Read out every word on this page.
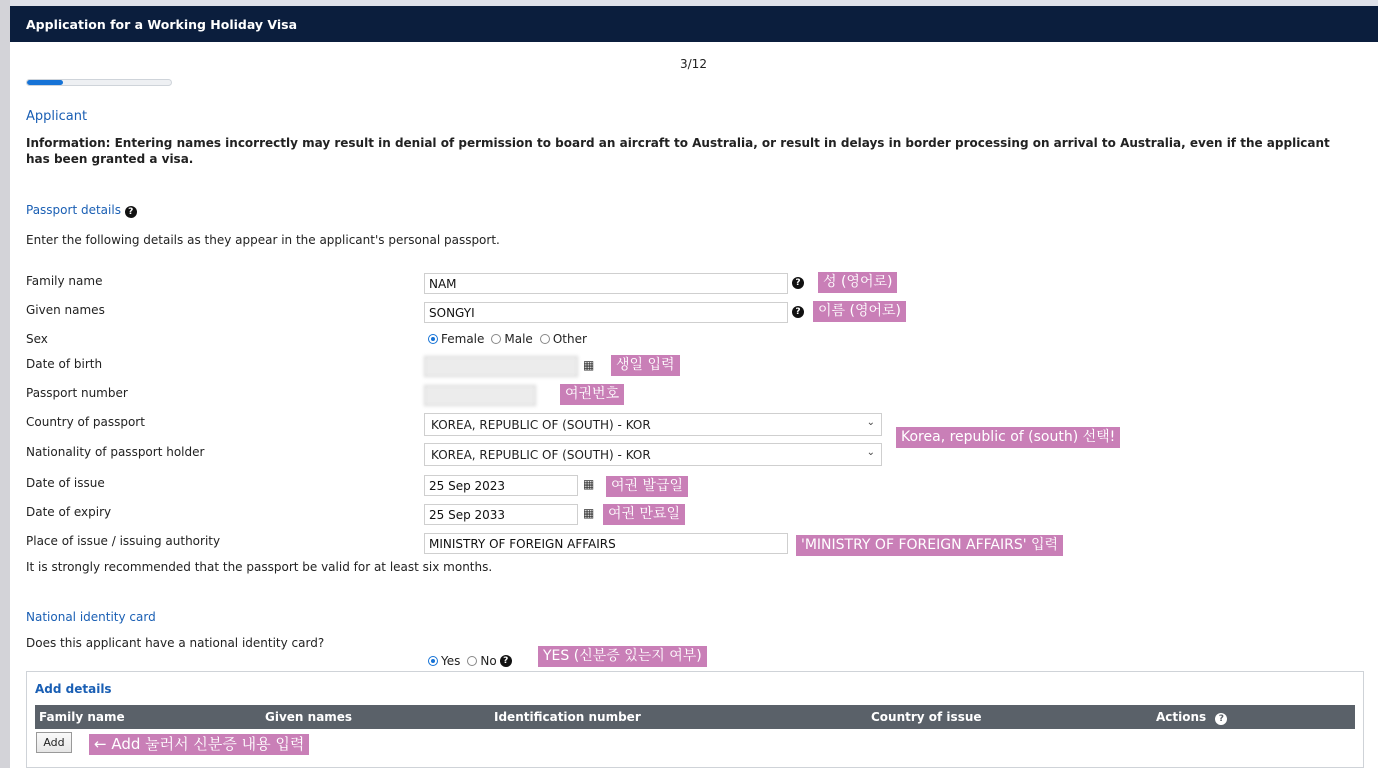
Application for a Working Holiday Visa
3/12
Applicant
Information: Entering names incorrectly may result in denial of permission to board an aircraft to Australia, or result in delays in border processing on arrival to Australia, even if the applicant has been granted a visa.
Passport details ?
Enter the following details as they appear in the applicant's personal passport.
Family name	NAM	?	성 (영어로)
Given names	SONGYI	?	이름 (영어로)
Sex	Female Male Other
Date of birth	▦	생일 입력
Passport number	여권번호
Country of passport	KOREA, REPUBLIC OF (SOUTH) - KOR	⌄
Korea, republic of (south) 선택!
Nationality of passport holder	KOREA, REPUBLIC OF (SOUTH) - KOR	⌄
Date of issue	25 Sep 2023	▦	여권 발급일
Date of expiry	25 Sep 2033	▦ 여권 만료일
Place of issue / issuing authority	MINISTRY OF FOREIGN AFFAIRS	'MINISTRY OF FOREIGN AFFAIRS' 입력
It is strongly recommended that the passport be valid for at least six months.
National identity card
Does this applicant have a national identity card?
Yes No ?	YES (신분증 있는지 여부)
Add details
Family name	Given names	Identification number	Country of issue	Actions ?
Add	← Add 눌러서 신분증 내용 입력
